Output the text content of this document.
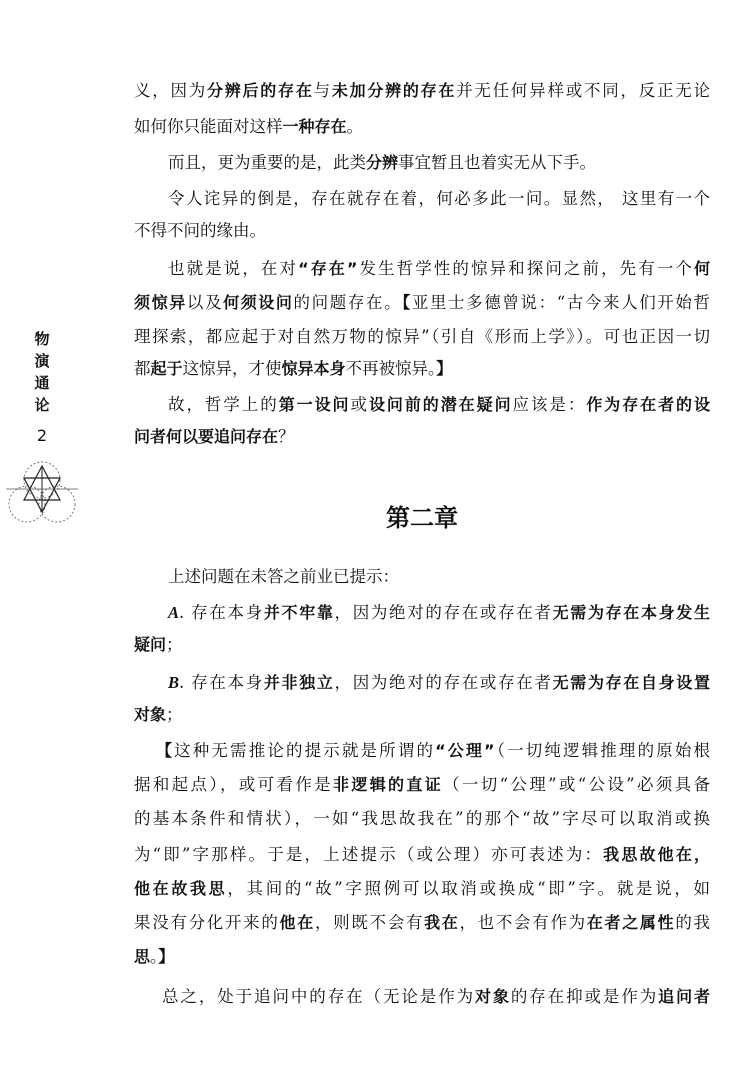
物
演
通
论
2
第二章
义，因为分辨后的存在与未加分辨的存在并无任何异样或不同，反正无论
如何你只能面对这样一种存在。
而且，更为重要的是，此类分辨事宜暂且也着实无从下手。
令人诧异的倒是，存在就存在着，何必多此一问。显然， 这里有一个
不得不问的缘由。
也就是说，在对“存在”发生哲学性的惊异和探问之前，先有一个何
须惊异以及何须设问的问题存在。【亚里士多德曾说：“古今来人们开始哲
理探索，都应起于对自然万物的惊异”（引自《形而上学》）。可也正因一切
都起于这惊异，才使惊异本身不再被惊异。】
故，哲学上的第一设问或设问前的潜在疑问应该是：作为存在者的设
问者何以要追问存在？
上述问题在未答之前业已提示：
A. 存在本身并不牢靠，因为绝对的存在或存在者无需为存在本身发生
疑问；
B. 存在本身并非独立，因为绝对的存在或存在者无需为存在自身设置
对象；
【这种无需推论的提示就是所谓的“公理”（一切纯逻辑推理的原始根
据和起点），或可看作是非逻辑的直证（一切“公理”或“公设”必须具备
的基本条件和情状），一如“我思故我在”的那个“故”字尽可以取消或换
为“即”字那样。于是，上述提示（或公理）亦可表述为：我思故他在，
他在故我思，其间的“故”字照例可以取消或换成“即”字。就是说，如
果没有分化开来的他在，则既不会有我在，也不会有作为在者之属性的我
思。】
总之，处于追问中的存在（无论是作为对象的存在抑或是作为追问者
